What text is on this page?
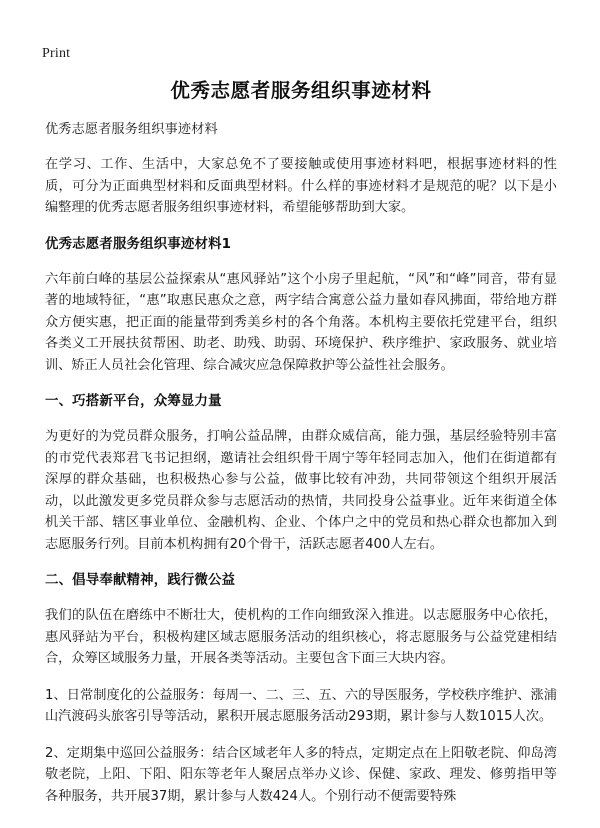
Print
优秀志愿者服务组织事迹材料
优秀志愿者服务组织事迹材料

在学习、工作、生活中，大家总免不了要接触或使用事迹材料吧，根据事迹材料的性质，可分为正面典型材料和反面典型材料。什么样的事迹材料才是规范的呢？以下是小编整理的优秀志愿者服务组织事迹材料，希望能够帮助到大家。

优秀志愿者服务组织事迹材料1

六年前白峰的基层公益探索从“惠风驿站”这个小房子里起航，“风”和“峰”同音，带有显著的地域特征，“惠”取惠民惠众之意，两字结合寓意公益力量如春风拂面，带给地方群众方便实惠，把正面的能量带到秀美乡村的各个角落。本机构主要依托党建平台，组织各类义工开展扶贫帮困、助老、助残、助弱、环境保护、秩序维护、家政服务、就业培训、矫正人员社会化管理、综合减灾应急保障救护等公益性社会服务。

一、巧搭新平台，众筹显力量

为更好的为党员群众服务，打响公益品牌，由群众威信高，能力强，基层经验特别丰富的市党代表郑君飞书记担纲，邀请社会组织骨干周宁等年轻同志加入，他们在街道都有深厚的群众基础，也积极热心参与公益，做事比较有冲劲，共同带领这个组织开展活动，以此激发更多党员群众参与志愿活动的热情，共同投身公益事业。近年来街道全体机关干部、辖区事业单位、金融机构、企业、个体户之中的党员和热心群众也都加入到志愿服务行列。目前本机构拥有20个骨干，活跃志愿者400人左右。

二、倡导奉献精神，践行微公益

我们的队伍在磨练中不断壮大，使机构的工作向细致深入推进。以志愿服务中心依托，惠风驿站为平台，积极构建区域志愿服务活动的组织核心，将志愿服务与公益党建相结合，众筹区域服务力量，开展各类等活动。主要包含下面三大块内容。

1、日常制度化的公益服务：每周一、二、三、五、六的导医服务，学校秩序维护、涨浦山汽渡码头旅客引导等活动，累积开展志愿服务活动293期，累计参与人数1015人次。

2、定期集中巡回公益服务：结合区域老年人多的特点，定期定点在上阳敬老院、仰岛湾敬老院，上阳、下阳、阳东等老年人聚居点举办义诊、保健、家政、理发、修剪指甲等各种服务，共开展37期，累计参与人数424人。个别行动不便需要特殊
